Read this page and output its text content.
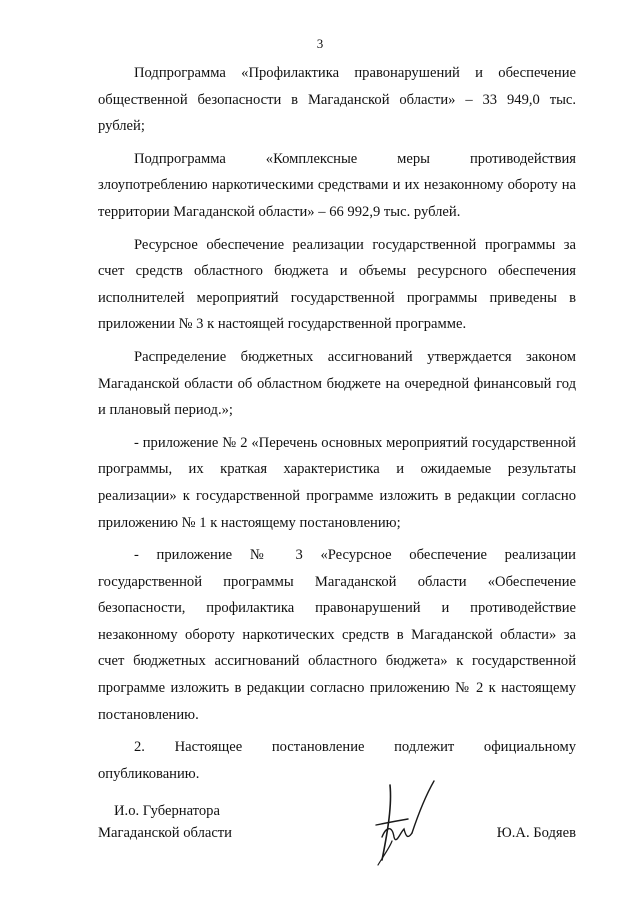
3

Подпрограмма «Профилактика правонарушений и обеспечение общественной безопасности в Магаданской области» – 33 949,0 тыс. рублей;

Подпрограмма «Комплексные меры противодействия злоупотреблению наркотическими средствами и их незаконному обороту на территории Магаданской области» – 66 992,9 тыс. рублей.

Ресурсное обеспечение реализации государственной программы за счет средств областного бюджета и объемы ресурсного обеспечения исполнителей мероприятий государственной программы приведены в приложении № 3 к настоящей государственной программе.

Распределение бюджетных ассигнований утверждается законом Магаданской области об областном бюджете на очередной финансовый год и плановый период.»;

- приложение № 2 «Перечень основных мероприятий государственной программы, их краткая характеристика и ожидаемые результаты реализации» к государственной программе изложить в редакции согласно приложению № 1 к настоящему постановлению;

- приложение № 3 «Ресурсное обеспечение реализации государственной программы Магаданской области «Обеспечение безопасности, профилактика правонарушений и противодействие незаконному обороту наркотических средств в Магаданской области» за счет бюджетных ассигнований областного бюджета» к государственной программе изложить в редакции согласно приложению № 2 к настоящему постановлению.

2. Настоящее постановление подлежит официальному опубликованию.

И.о. Губернатора
Магаданской области	Ю.А. Бодяев
